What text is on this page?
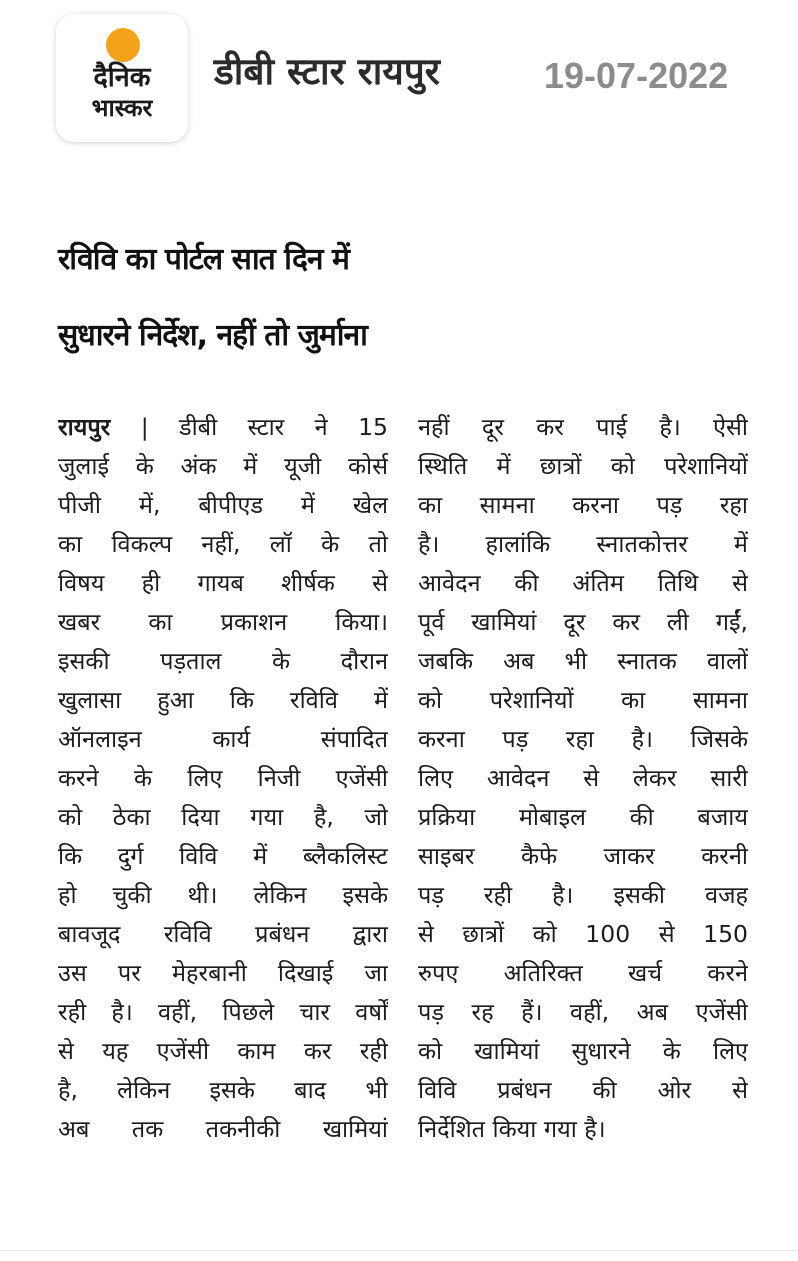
दैनिक
भास्कर
डीबी स्टार रायपुर	19-07-2022
रविवि का पोर्टल सात दिन में
सुधारने निर्देश, नहीं तो जुर्माना
रायपुर | डीबी स्टार ने 15
जुलाई के अंक में यूजी कोर्स
पीजी में, बीपीएड में खेल
का विकल्प नहीं, लॉ के तो
विषय ही गायब शीर्षक से
खबर का प्रकाशन किया।
इसकी पड़ताल के दौरान
खुलासा हुआ कि रविवि में
ऑनलाइन कार्य संपादित
करने के लिए निजी एजेंसी
को ठेका दिया गया है, जो
कि दुर्ग विवि में ब्लैकलिस्ट
हो चुकी थी। लेकिन इसके
बावजूद रविवि प्रबंधन द्वारा
उस पर मेहरबानी दिखाई जा
रही है। वहीं, पिछले चार वर्षों
से यह एजेंसी काम कर रही
है, लेकिन इसके बाद भी
अब तक तकनीकी खामियां
नहीं दूर कर पाई है। ऐसी
स्थिति में छात्रों को परेशानियों
का सामना करना पड़ रहा
है। हालांकि स्नातकोत्तर में
आवेदन की अंतिम तिथि से
पूर्व खामियां दूर कर ली गईं,
जबकि अब भी स्नातक वालों
को परेशानियों का सामना
करना पड़ रहा है। जिसके
लिए आवेदन से लेकर सारी
प्रक्रिया मोबाइल की बजाय
साइबर कैफे जाकर करनी
पड़ रही है। इसकी वजह
से छात्रों को 100 से 150
रुपए अतिरिक्त खर्च करने
पड़ रह हैं। वहीं, अब एजेंसी
को खामियां सुधारने के लिए
विवि प्रबंधन की ओर से
निर्देशित किया गया है।
